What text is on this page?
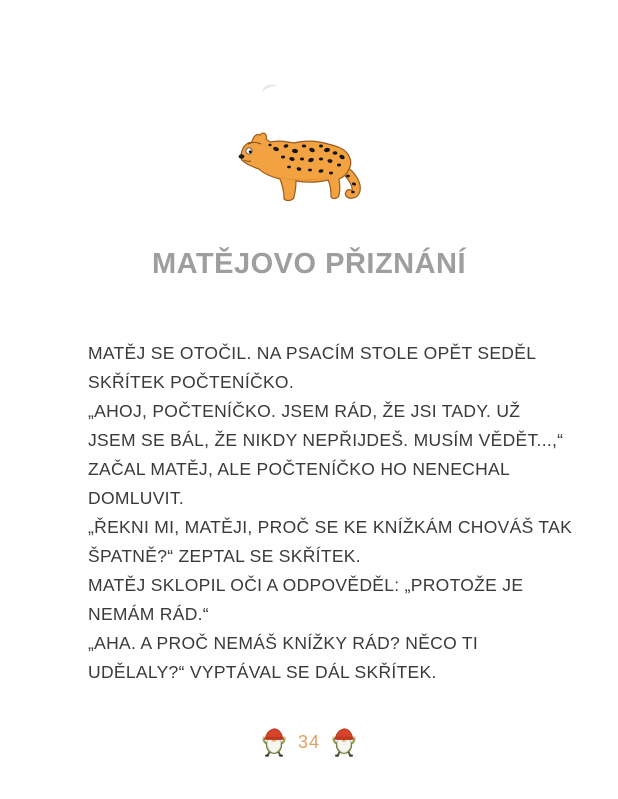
MATĚJOVO PŘIZNÁNÍ
MATĚJ SE OTOČIL. NA PSACÍM STOLE OPĚT SEDĚL
SKŘÍTEK POČTENÍČKO.
„AHOJ, POČTENÍČKO. JSEM RÁD, ŽE JSI TADY. UŽ
JSEM SE BÁL, ŽE NIKDY NEPŘIJDEŠ. MUSÍM VĚDĚT...,“
ZAČAL MATĚJ, ALE POČTENÍČKO HO NENECHAL
DOMLUVIT.
„ŘEKNI MI, MATĚJI, PROČ SE KE KNÍŽKÁM CHOVÁŠ TAK
ŠPATNĚ?“ ZEPTAL SE SKŘÍTEK.
MATĚJ SKLOPIL OČI A ODPOVĚDĚL: „PROTOŽE JE
NEMÁM RÁD.“
„AHA. A PROČ NEMÁŠ KNÍŽKY RÁD? NĚCO TI
UDĚLALY?“ VYPTÁVAL SE DÁL SKŘÍTEK.
34
